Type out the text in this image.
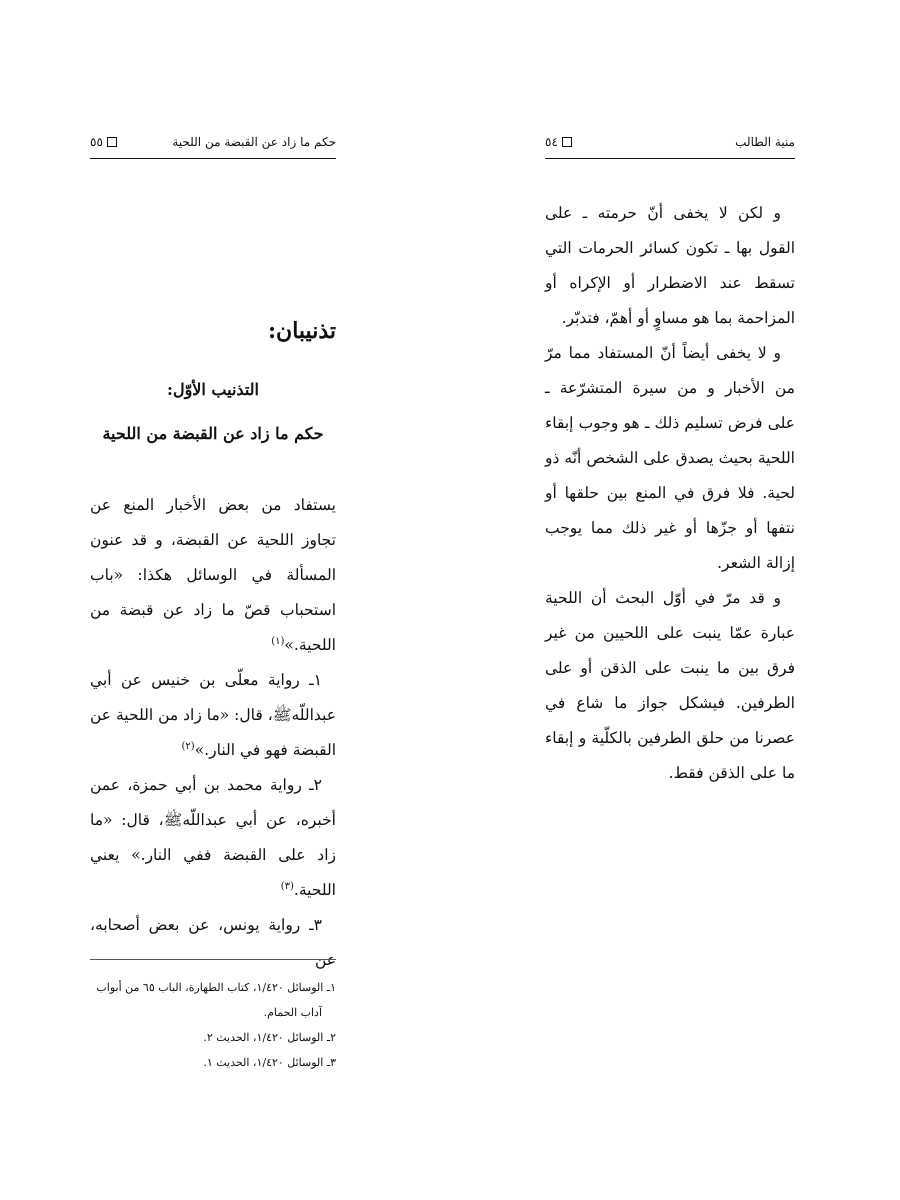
حكم ما زاد عن القبضة من اللحية
٥٥
تذنيبان:
التذنيب الأوّل:
حكم ما زاد عن القبضة من اللحية

يستفاد من بعض الأخبار المنع عن تجاوز اللحية عن القبضة، و قد عنون المسألة في الوسائل هكذا: «باب استحباب قصّ ما زاد عن قبضة من اللحية.»$^{(١)}$

١ـ رواية معلّى بن خنيس عن أبي عبداللّهﷺ، قال: «ما زاد من اللحية عن القبضة فهو في النار.»$^{(٢)}$

٢ـ رواية محمد بن أبي حمزة، عمن أخبره، عن أبي عبداللّهﷺ، قال: «ما زاد على القبضة ففي النار.» يعني اللحية.$^{(٣)}$

٣ـ رواية يونس، عن بعض أصحابه، عن

١ـ الوسائل ١/٤٢٠، كتاب الطهارة، الباب ٦٥ من أبواب آداب الحمام.

٢ـ الوسائل ١/٤٢٠، الحديث ٢.

٣ـ الوسائل ١/٤٢٠، الحديث ١.

منية الطالب
٥٤

و لكن لا يخفى أنّ حرمته ـ على القول بها ـ تكون كسائر الحرمات التي تسقط عند الاضطرار أو الإكراه أو المزاحمة بما هو مساوٍ أو أهمّ، فتدبّر.

و لا يخفى أيضاً أنّ المستفاد مما مرّ من الأخبار و من سيرة المتشرّعة ـ على فرض تسليم ذلك ـ هو وجوب إبقاء اللحية بحيث يصدق على الشخص أنّه ذو لحية. فلا فرق في المنع بين حلقها أو نتفها أو جزّها أو غير ذلك مما يوجب إزالة الشعر.

و قد مرّ في أوّل البحث أن اللحية عبارة عمّا ينبت على اللحيين من غير فرق بين ما ينبت على الذقن أو على الطرفين. فيشكل جواز ما شاع في عصرنا من حلق الطرفين بالكلّية و إبقاء ما على الذقن فقط.
